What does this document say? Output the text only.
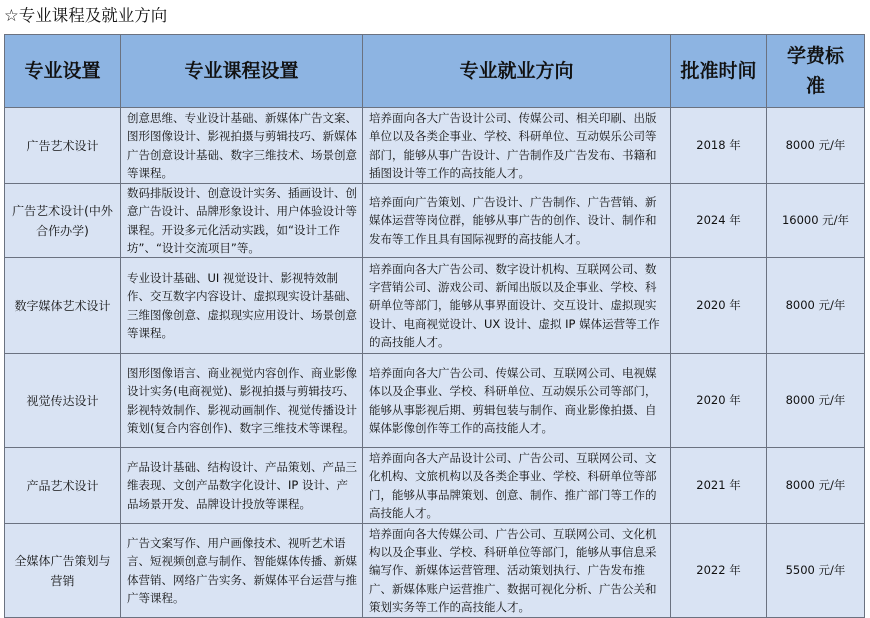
☆专业课程及就业方向
专业设置	专业课程设置	专业就业方向	批准时间	学费标准
广告艺术设计	创意思维、专业设计基础、新媒体广告文案、图形图像设计、影视拍摄与剪辑技巧、新媒体广告创意设计基础、数字三维技术、场景创意等课程。	培养面向各大广告设计公司、传媒公司、相关印刷、出版单位以及各类企事业、学校、科研单位、互动娱乐公司等部门，能够从事广告设计、广告制作及广告发布、书籍和插图设计等工作的高技能人才。	2018 年	8000 元/年
广告艺术设计(中外合作办学)	数码排版设计、创意设计实务、插画设计、创意广告设计、品牌形象设计、用户体验设计等课程。开设多元化活动实践，如“设计工作坊”、“设计交流项目”等。	培养面向广告策划、广告设计、广告制作、广告营销、新媒体运营等岗位群，能够从事广告的创作、设计、制作和发布等工作且具有国际视野的高技能人才。	2024 年	16000 元/年
数字媒体艺术设计	专业设计基础、UI 视觉设计、影视特效制作、交互数字内容设计、虚拟现实设计基础、三维图像创意、虚拟现实应用设计、场景创意等课程。	培养面向各大广告公司、数字设计机构、互联网公司、数字营销公司、游戏公司、新闻出版以及企事业、学校、科研单位等部门，能够从事界面设计、交互设计、虚拟现实设计、电商视觉设计、UX 设计、虚拟 IP 媒体运营等工作的高技能人才。	2020 年	8000 元/年
视觉传达设计	图形图像语言、商业视觉内容创作、商业影像设计实务(电商视觉)、影视拍摄与剪辑技巧、影视特效制作、影视动画制作、视觉传播设计策划(复合内容创作)、数字三维技术等课程。	培养面向各大广告公司、传媒公司、互联网公司、电视媒体以及企事业、学校、科研单位、互动娱乐公司等部门，能够从事影视后期、剪辑包装与制作、商业影像拍摄、自媒体影像创作等工作的高技能人才。	2020 年	8000 元/年
产品艺术设计	产品设计基础、结构设计、产品策划、产品三维表现、文创产品数字化设计、IP 设计、产品场景开发、品牌设计投放等课程。	培养面向各大产品设计公司、广告公司、互联网公司、文化机构、文旅机构以及各类企事业、学校、科研单位等部门，能够从事品牌策划、创意、制作、推广部门等工作的高技能人才。	2021 年	8000 元/年
全媒体广告策划与营销	广告文案写作、用户画像技术、视听艺术语言、短视频创意与制作、智能媒体传播、新媒体营销、网络广告实务、新媒体平台运营与推广等课程。	培养面向各大传媒公司、广告公司、互联网公司、文化机构以及企事业、学校、科研单位等部门，能够从事信息采编写作、新媒体运营管理、活动策划执行、广告发布推广、新媒体账户运营推广、数据可视化分析、广告公关和策划实务等工作的高技能人才。	2022 年	5500 元/年
